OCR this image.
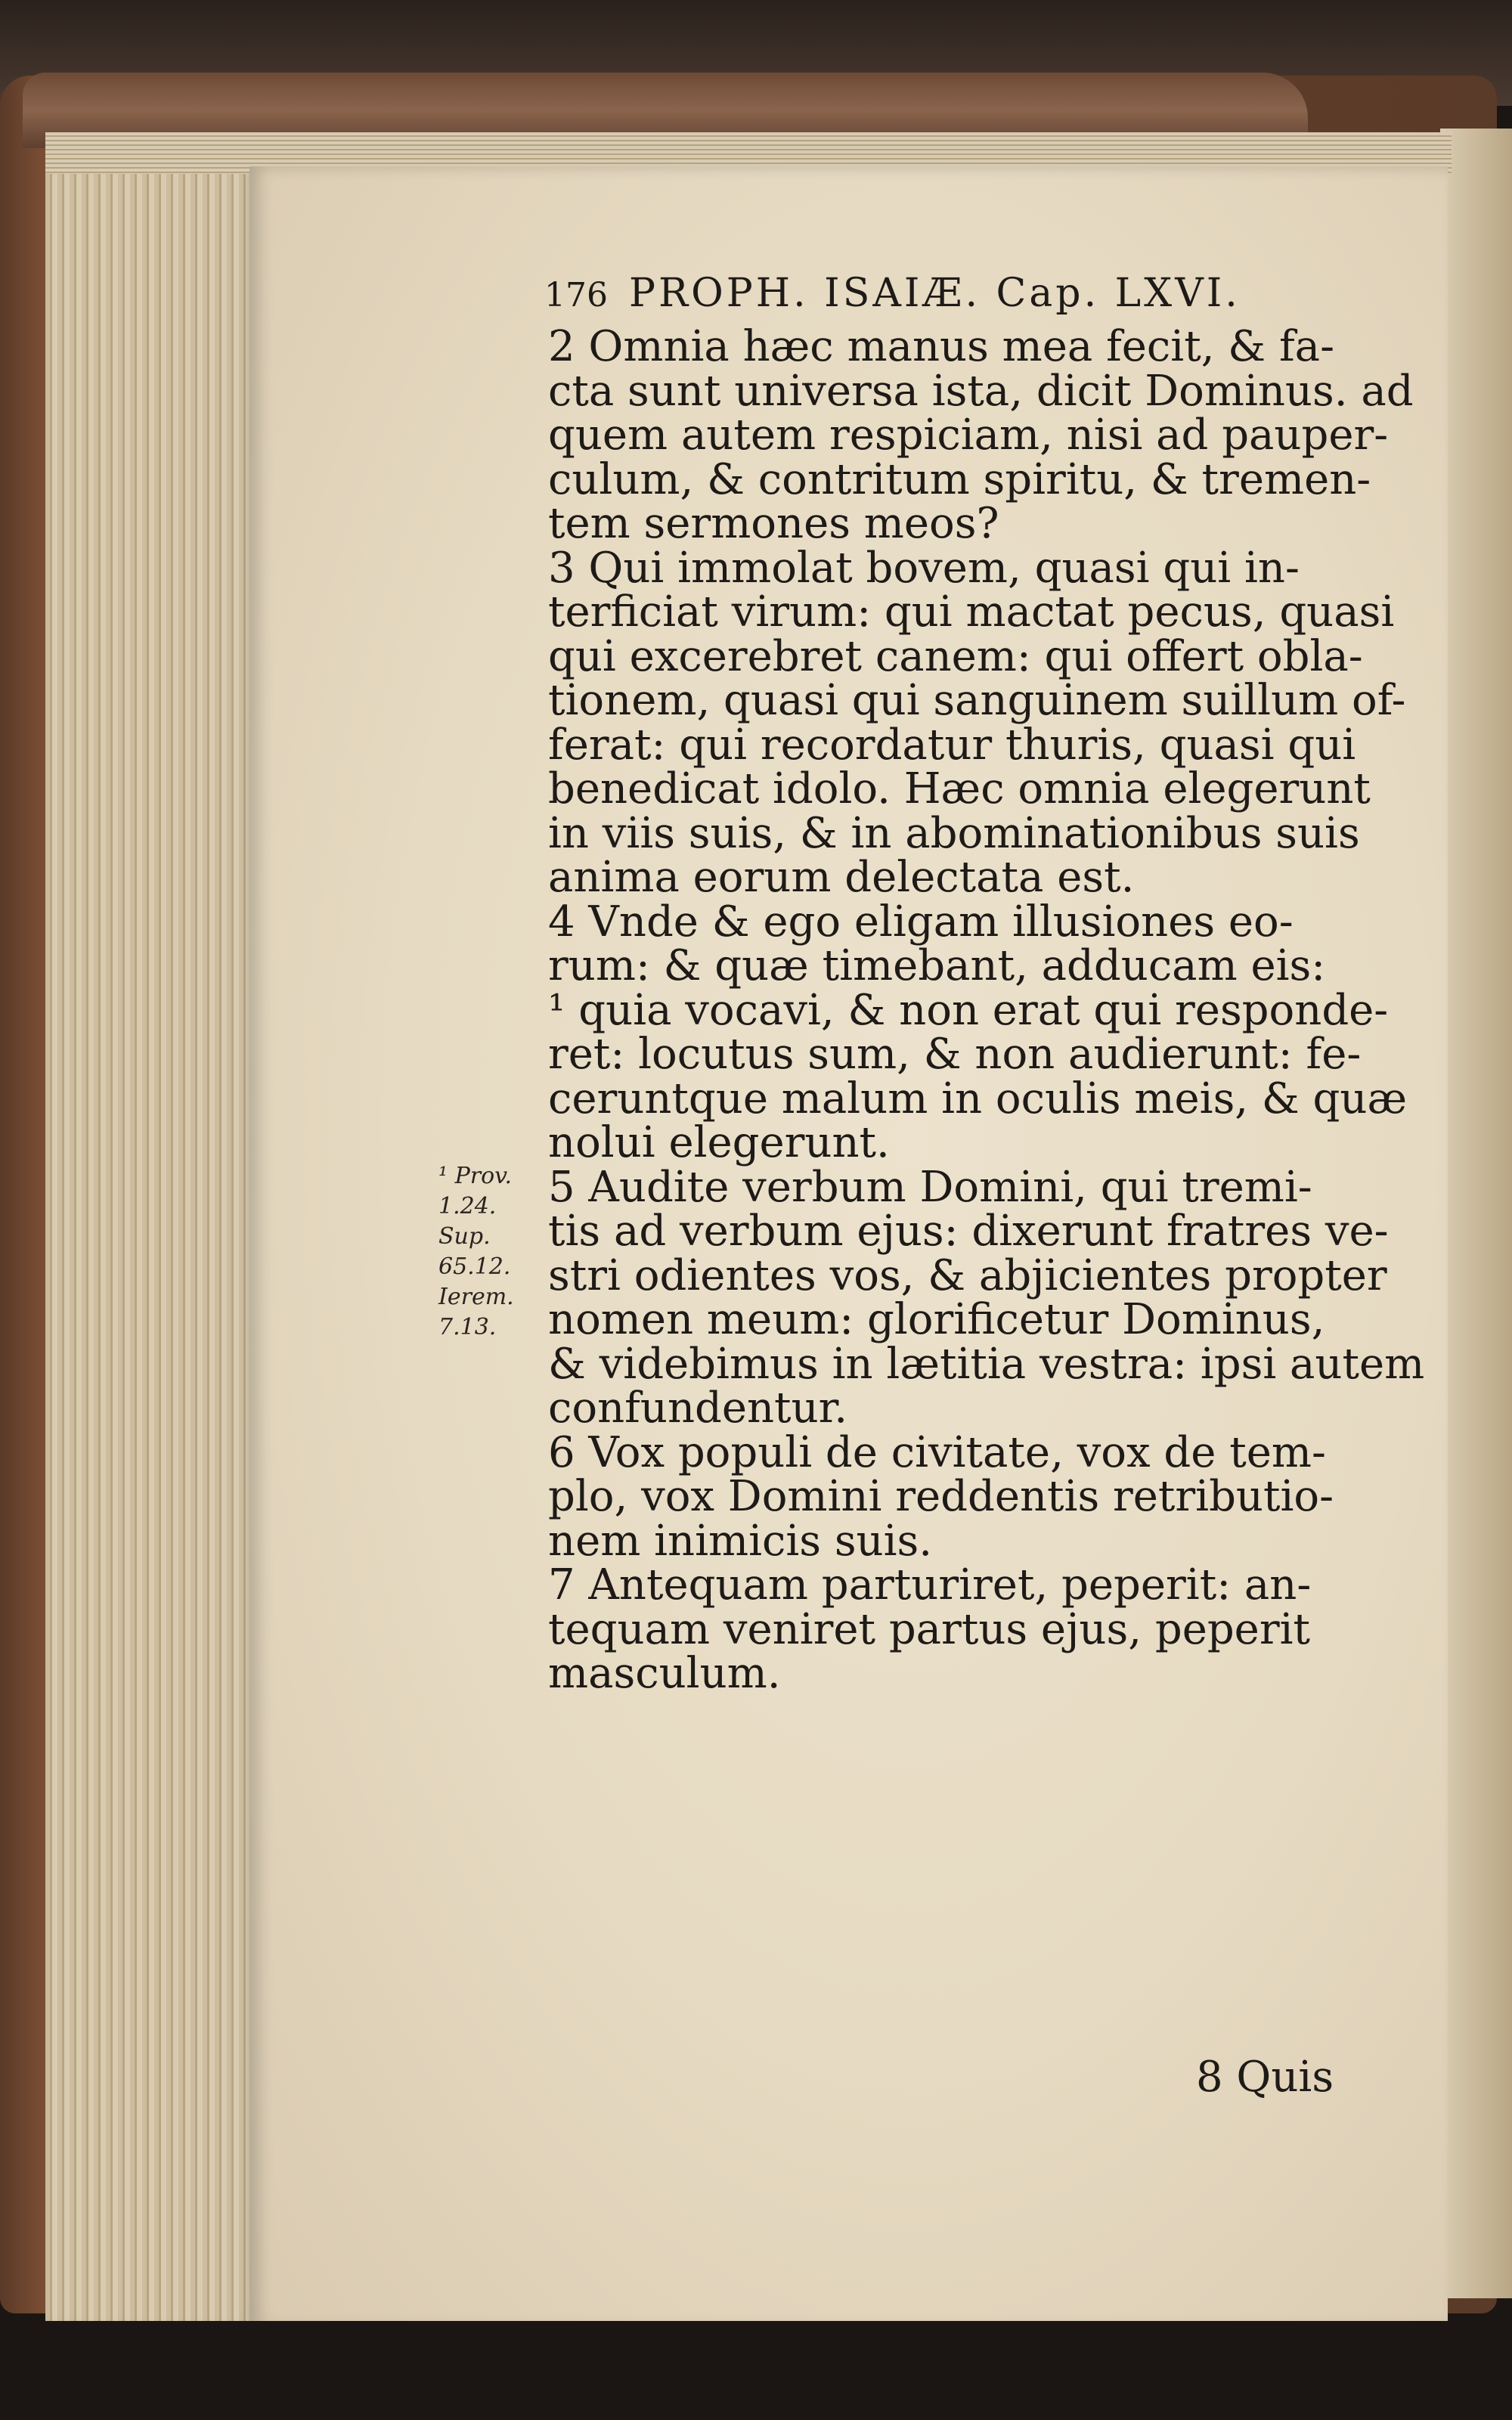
176 PROPH. ISAIÆ. Cap. LXVI.
2 Omnia hæc manus mea fecit, & fa-
cta sunt universa ista, dicit Dominus. ad
quem autem respiciam, nisi ad pauper-
culum, & contritum spiritu, & tremen-
tem sermones meos?
3 Qui immolat bovem, quasi qui in-
terficiat virum: qui mactat pecus, quasi
qui excerebret canem: qui offert obla-
tionem, quasi qui sanguinem suillum of-
ferat: qui recordatur thuris, quasi qui
benedicat idolo. Hæc omnia elegerunt
in viis suis, & in abominationibus suis
anima eorum delectata est.
4 Vnde & ego eligam illusiones eo-
rum: & quæ timebant, adducam eis:
¹ quia vocavi, & non erat qui responde-
ret: locutus sum, & non audierunt: fe-
ceruntque malum in oculis meis, & quæ
nolui elegerunt.
5 Audite verbum Domini, qui tremi-
tis ad verbum ejus: dixerunt fratres ve-
stri odientes vos, & abjicientes propter
nomen meum: glorificetur Dominus,
& videbimus in lætitia vestra: ipsi autem
confundentur.
6 Vox populi de civitate, vox de tem-
plo, vox Domini reddentis retributio-
nem inimicis suis.
7 Antequam parturiret, peperit: an-
tequam veniret partus ejus, peperit
masculum.
¹ Prov.
1.24.
Sup.
65.12.
Ierem.
7.13.
8 Quis
